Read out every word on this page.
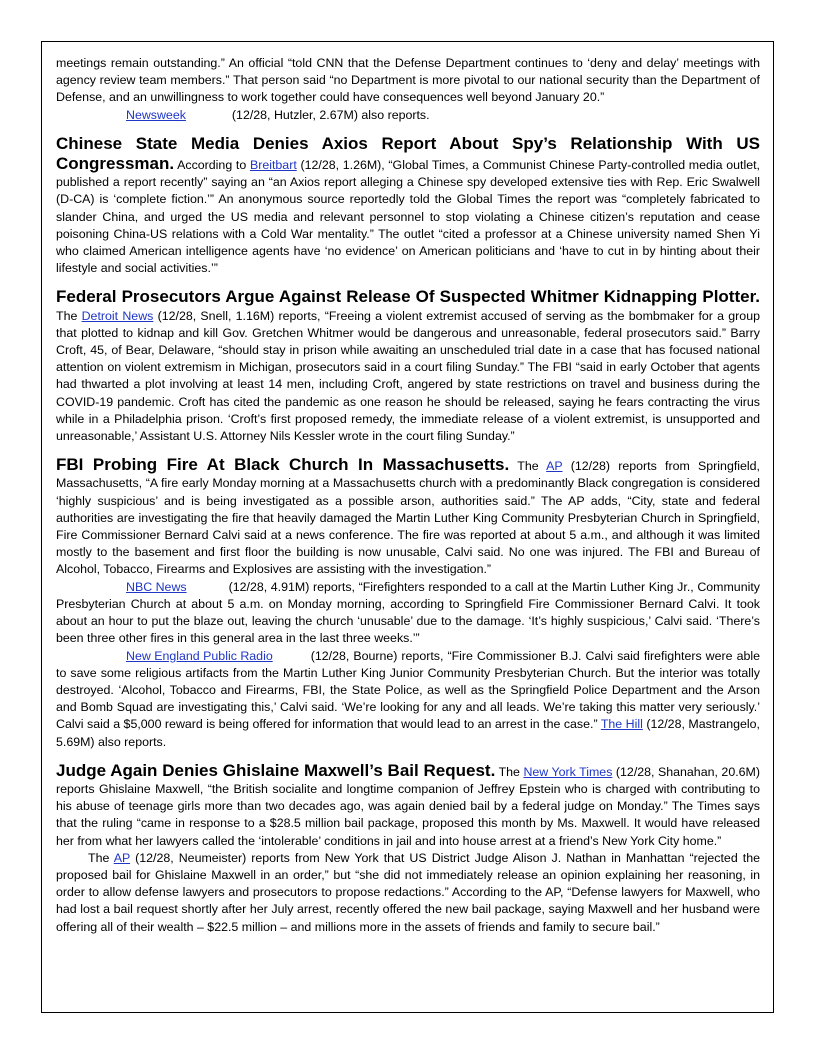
meetings remain outstanding.” An official “told CNN that the Defense Department continues to ‘deny and delay’ meetings with agency review team members.” That person said “no Department is more pivotal to our national security than the Department of Defense, and an unwillingness to work together could have consequences well beyond January 20.”

Newsweek	(12/28, Hutzler, 2.67M) also reports.

Chinese State Media Denies Axios Report About Spy’s Relationship With US Congressman. According to Breitbart (12/28, 1.26M), “Global Times, a Communist Chinese Party-controlled media outlet, published a report recently” saying an “an Axios report alleging a Chinese spy developed extensive ties with Rep. Eric Swalwell (D-CA) is ‘complete fiction.’” An anonymous source reportedly told the Global Times the report was “completely fabricated to slander China, and urged the US media and relevant personnel to stop violating a Chinese citizen’s reputation and cease poisoning China-US relations with a Cold War mentality.” The outlet “cited a professor at a Chinese university named Shen Yi who claimed American intelligence agents have ‘no evidence’ on American politicians and ‘have to cut in by hinting about their lifestyle and social activities.’”

Federal Prosecutors Argue Against Release Of Suspected Whitmer Kidnapping Plotter. The Detroit News (12/28, Snell, 1.16M) reports, “Freeing a violent extremist accused of serving as the bombmaker for a group that plotted to kidnap and kill Gov. Gretchen Whitmer would be dangerous and unreasonable, federal prosecutors said.” Barry Croft, 45, of Bear, Delaware, “should stay in prison while awaiting an unscheduled trial date in a case that has focused national attention on violent extremism in Michigan, prosecutors said in a court filing Sunday.” The FBI “said in early October that agents had thwarted a plot involving at least 14 men, including Croft, angered by state restrictions on travel and business during the COVID-19 pandemic. Croft has cited the pandemic as one reason he should be released, saying he fears contracting the virus while in a Philadelphia prison. ‘Croft’s first proposed remedy, the immediate release of a violent extremist, is unsupported and unreasonable,’ Assistant U.S. Attorney Nils Kessler wrote in the court filing Sunday.”

FBI Probing Fire At Black Church In Massachusetts. The AP (12/28) reports from Springfield, Massachusetts, “A fire early Monday morning at a Massachusetts church with a predominantly Black congregation is considered ‘highly suspicious’ and is being investigated as a possible arson, authorities said.” The AP adds, “City, state and federal authorities are investigating the fire that heavily damaged the Martin Luther King Community Presbyterian Church in Springfield, Fire Commissioner Bernard Calvi said at a news conference. The fire was reported at about 5 a.m., and although it was limited mostly to the basement and first floor the building is now unusable, Calvi said. No one was injured. The FBI and Bureau of Alcohol, Tobacco, Firearms and Explosives are assisting with the investigation.”

NBC News	(12/28, 4.91M) reports, “Firefighters responded to a call at the Martin Luther King Jr., Community Presbyterian Church at about 5 a.m. on Monday morning, according to Springfield Fire Commissioner Bernard Calvi. It took about an hour to put the blaze out, leaving the church ‘unusable’ due to the damage. ‘It’s highly suspicious,’ Calvi said. ‘There’s been three other fires in this general area in the last three weeks.’”

New England Public Radio	(12/28, Bourne) reports, “Fire Commissioner B.J. Calvi said firefighters were able to save some religious artifacts from the Martin Luther King Junior Community Presbyterian Church. But the interior was totally destroyed. ‘Alcohol, Tobacco and Firearms, FBI, the State Police, as well as the Springfield Police Department and the Arson and Bomb Squad are investigating this,’ Calvi said. ‘We’re looking for any and all leads. We’re taking this matter very seriously.’ Calvi said a $5,000 reward is being offered for information that would lead to an arrest in the case.” The Hill (12/28, Mastrangelo, 5.69M) also reports.

Judge Again Denies Ghislaine Maxwell’s Bail Request. The New York Times (12/28, Shanahan, 20.6M) reports Ghislaine Maxwell, “the British socialite and longtime companion of Jeffrey Epstein who is charged with contributing to his abuse of teenage girls more than two decades ago, was again denied bail by a federal judge on Monday.” The Times says that the ruling “came in response to a $28.5 million bail package, proposed this month by Ms. Maxwell. It would have released her from what her lawyers called the ‘intolerable’ conditions in jail and into house arrest at a friend’s New York City home.”

The AP (12/28, Neumeister) reports from New York that US District Judge Alison J. Nathan in Manhattan “rejected the proposed bail for Ghislaine Maxwell in an order,” but “she did not immediately release an opinion explaining her reasoning, in order to allow defense lawyers and prosecutors to propose redactions.” According to the AP, “Defense lawyers for Maxwell, who had lost a bail request shortly after her July arrest, recently offered the new bail package, saying Maxwell and her husband were offering all of their wealth – $22.5 million – and millions more in the assets of friends and family to secure bail.”
